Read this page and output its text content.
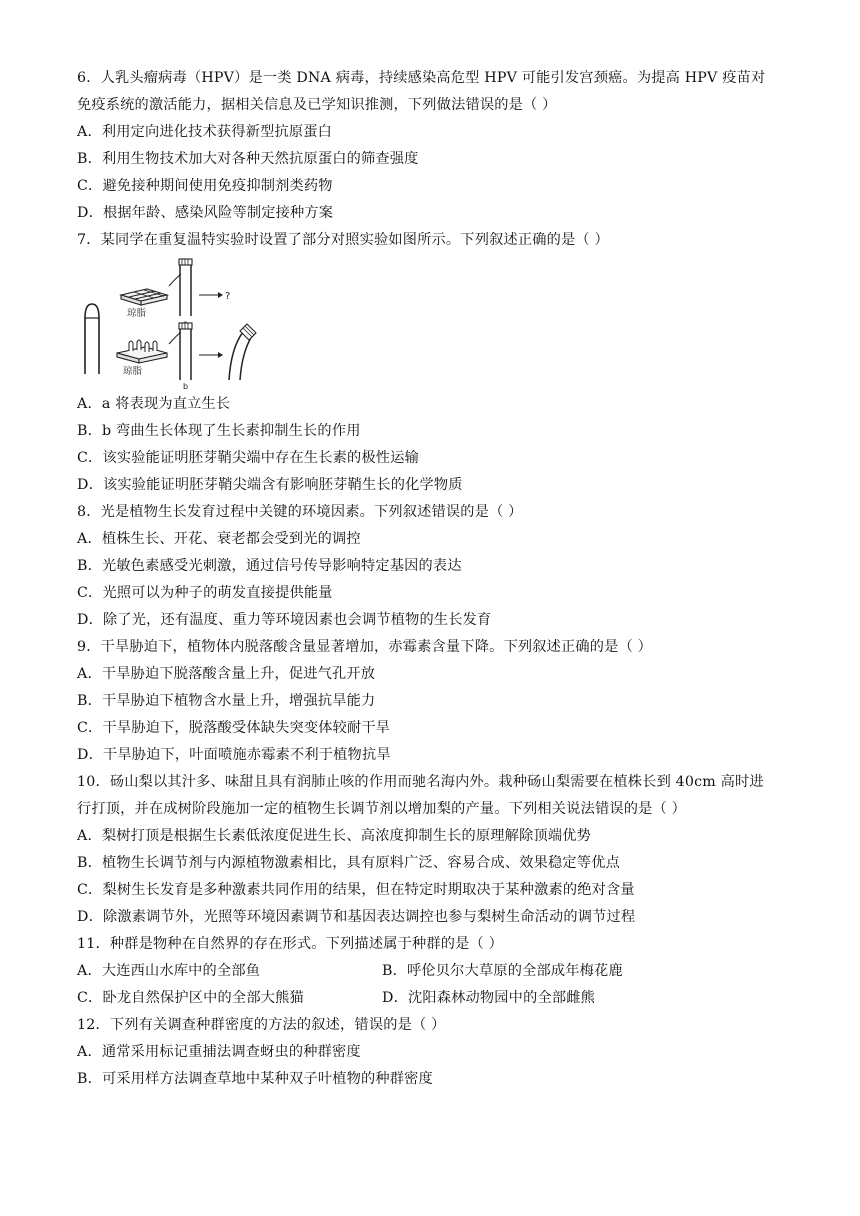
6．人乳头瘤病毒（HPV）是一类 DNA 病毒，持续感染高危型 HPV 可能引发宫颈癌。为提高 HPV 疫苗对
免疫系统的激活能力，据相关信息及已学知识推测，下列做法错误的是（ ）
A．利用定向进化技术获得新型抗原蛋白
B．利用生物技术加大对各种天然抗原蛋白的筛查强度
C．避免接种期间使用免疫抑制剂类药物
D．根据年龄、感染风险等制定接种方案
7．某同学在重复温特实验时设置了部分对照实验如图所示。下列叙述正确的是（ ）
琼脂
?
琼脂
b
A．a 将表现为直立生长
B．b 弯曲生长体现了生长素抑制生长的作用
C．该实验能证明胚芽鞘尖端中存在生长素的极性运输
D．该实验能证明胚芽鞘尖端含有影响胚芽鞘生长的化学物质
8．光是植物生长发育过程中关键的环境因素。下列叙述错误的是（ ）
A．植株生长、开花、衰老都会受到光的调控
B．光敏色素感受光刺激，通过信号传导影响特定基因的表达
C．光照可以为种子的萌发直接提供能量
D．除了光，还有温度、重力等环境因素也会调节植物的生长发育
9．干旱胁迫下，植物体内脱落酸含量显著增加，赤霉素含量下降。下列叙述正确的是（ ）
A．干旱胁迫下脱落酸含量上升，促进气孔开放
B．干旱胁迫下植物含水量上升，增强抗旱能力
C．干旱胁迫下，脱落酸受体缺失突变体较耐干旱
D．干旱胁迫下，叶面喷施赤霉素不利于植物抗旱
10．砀山梨以其汁多、味甜且具有润肺止咳的作用而驰名海内外。栽种砀山梨需要在植株长到 40cm 高时进
行打顶，并在成树阶段施加一定的植物生长调节剂以增加梨的产量。下列相关说法错误的是（ ）
A．梨树打顶是根据生长素低浓度促进生长、高浓度抑制生长的原理解除顶端优势
B．植物生长调节剂与内源植物激素相比，具有原料广泛、容易合成、效果稳定等优点
C．梨树生长发育是多种激素共同作用的结果，但在特定时期取决于某种激素的绝对含量
D．除激素调节外，光照等环境因素调节和基因表达调控也参与梨树生命活动的调节过程
11．种群是物种在自然界的存在形式。下列描述属于种群的是（ ）
A．大连西山水库中的全部鱼	B．呼伦贝尔大草原的全部成年梅花鹿
C．卧龙自然保护区中的全部大熊猫	D．沈阳森林动物园中的全部雌熊
12．下列有关调查种群密度的方法的叙述，错误的是（ ）
A．通常采用标记重捕法调查蚜虫的种群密度
B．可采用样方法调查草地中某种双子叶植物的种群密度
